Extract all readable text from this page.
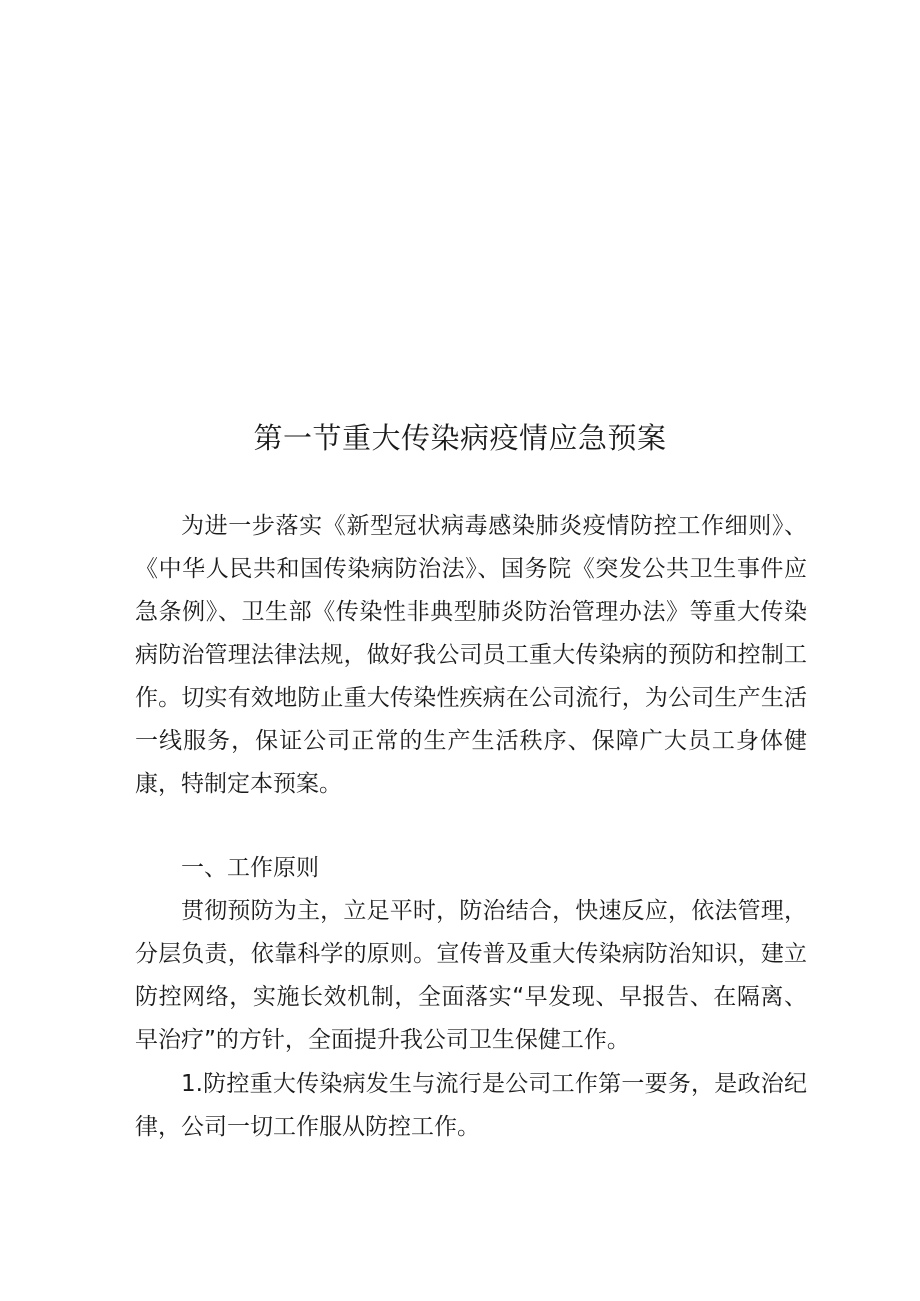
第一节重大传染病疫情应急预案

为进一步落实《新型冠状病毒感染肺炎疫情防控工作细则》、《中华人民共和国传染病防治法》、国务院《突发公共卫生事件应急条例》、卫生部《传染性非典型肺炎防治管理办法》等重大传染病防治管理法律法规，做好我公司员工重大传染病的预防和控制工作。切实有效地防止重大传染性疾病在公司流行，为公司生产生活一线服务，保证公司正常的生产生活秩序、保障广大员工身体健康，特制定本预案。

一、工作原则

贯彻预防为主，立足平时，防治结合，快速反应，依法管理，分层负责，依靠科学的原则。宣传普及重大传染病防治知识，建立防控网络，实施长效机制，全面落实“早发现、早报告、在隔离、早治疗”的方针，全面提升我公司卫生保健工作。

1.防控重大传染病发生与流行是公司工作第一要务，是政治纪律，公司一切工作服从防控工作。
